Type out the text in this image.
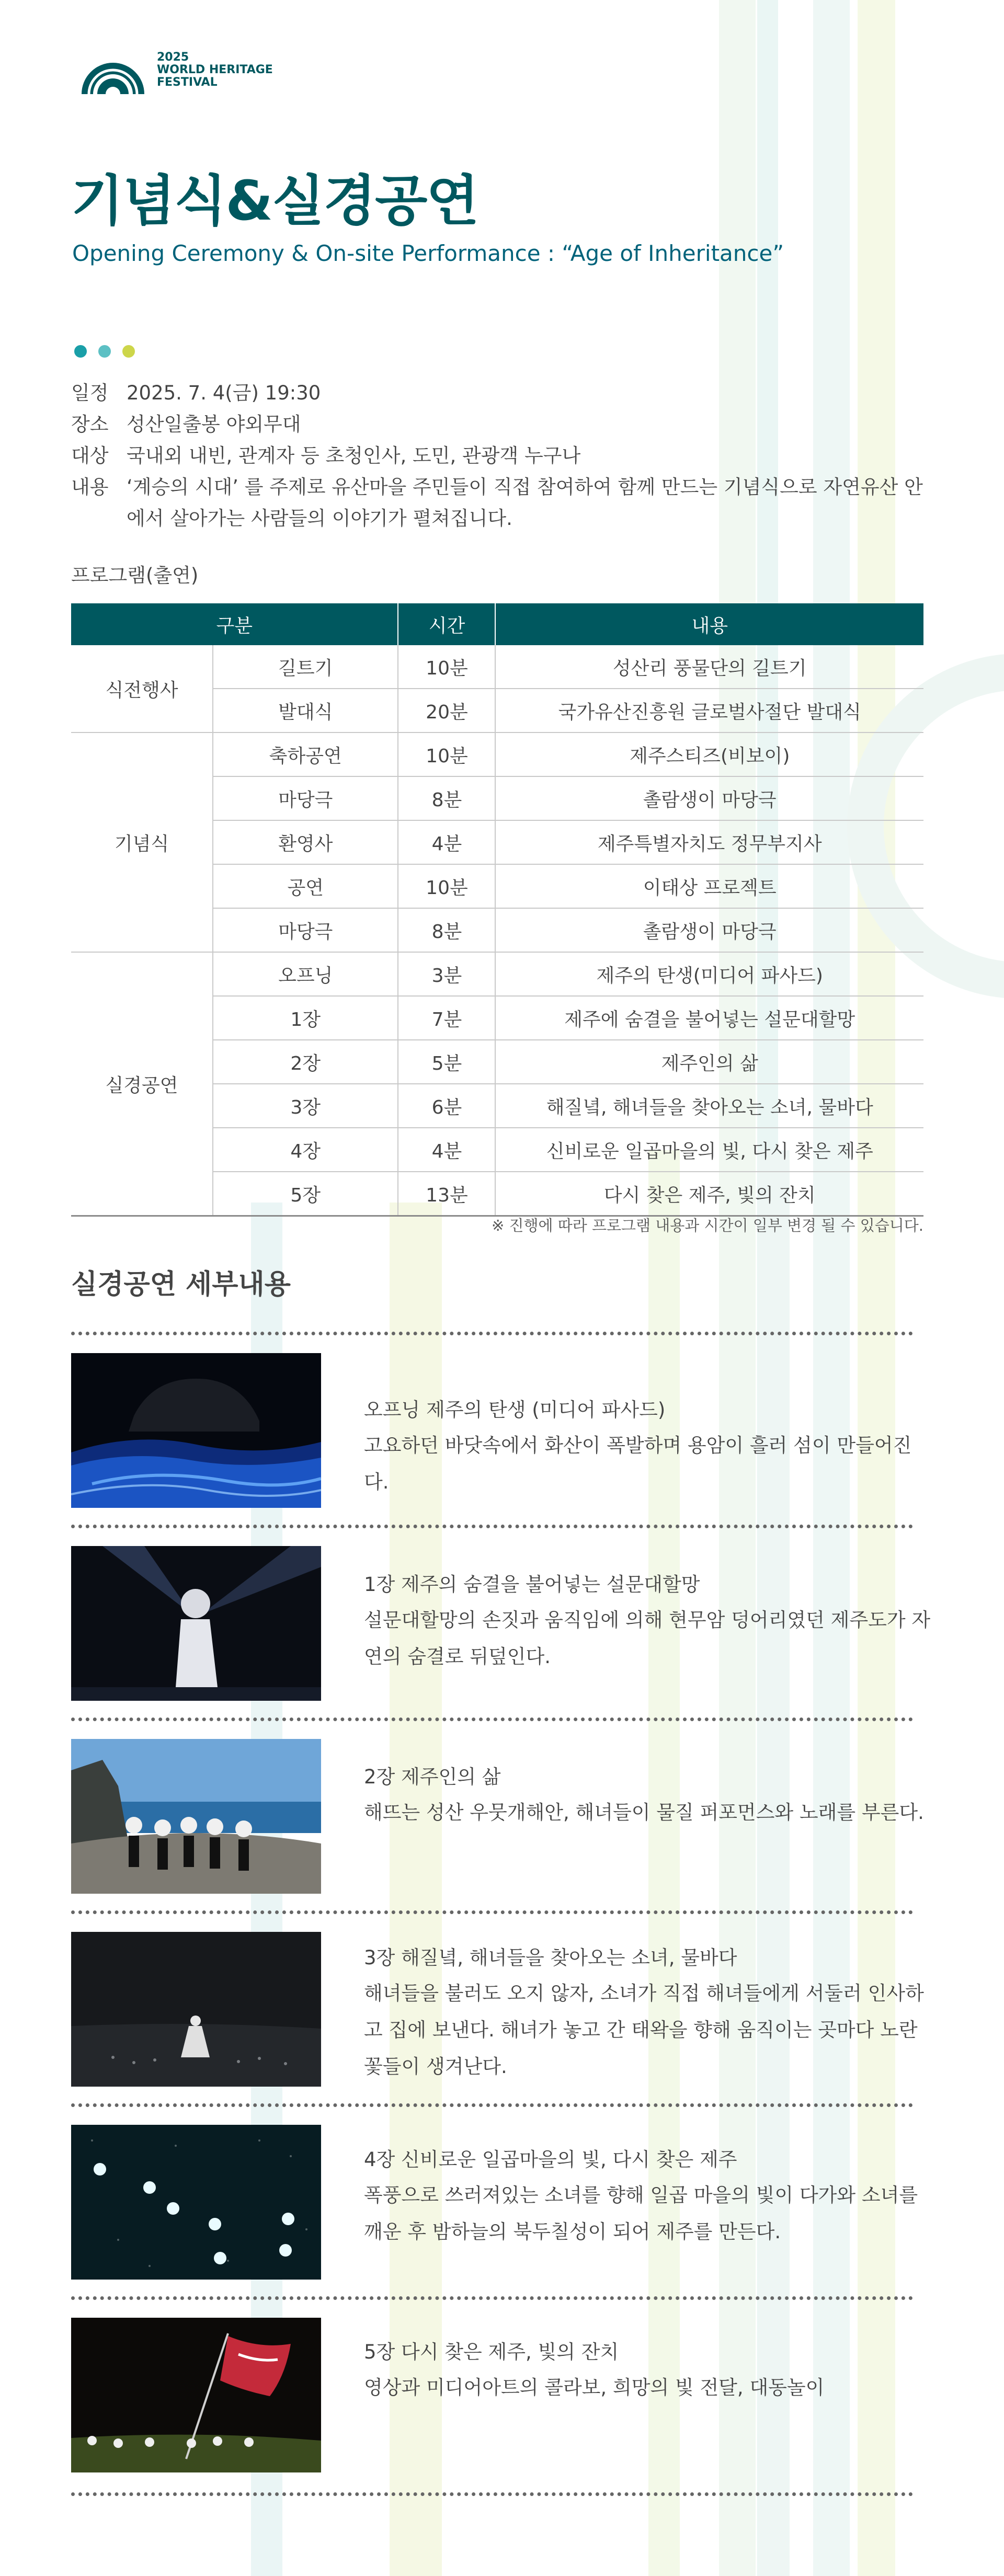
2025
WORLD HERITAGE
FESTIVAL
기념식&실경공연

Opening Ceremony & On-site Performance : “Age of Inheritance”

일정 2025. 7. 4(금) 19:30
장소 성산일출봉 야외무대
대상 국내외 내빈, 관계자 등 초청인사, 도민, 관광객 누구나
내용 ‘계승의 시대’ 를 주제로 유산마을 주민들이 직접 참여하여 함께 만드는 기념식으로 자연유산 안에서 살아가는 사람들의 이야기가 펼쳐집니다.
프로그램(출연)
구분		시간	내용
식전행사	길트기	10분	성산리 풍물단의 길트기
	발대식	20분	국가유산진흥원 글로벌사절단 발대식
기념식	축하공연	10분	제주스티즈(비보이)
	마당극	8분	촐람생이 마당극
	환영사	4분	제주특별자치도 정무부지사
	공연	10분	이태상 프로젝트
	마당극	8분	촐람생이 마당극
실경공연	오프닝	3분	제주의 탄생(미디어 파사드)
	1장	7분	제주에 숨결을 불어넣는 설문대할망
	2장	5분	제주인의 삶
	3장	6분	해질녘, 해녀들을 찾아오는 소녀, 물바다
	4장	4분	신비로운 일곱마을의 빛, 다시 찾은 제주
	5장	13분	다시 찾은 제주, 빛의 잔치
※ 진행에 따라 프로그램 내용과 시간이 일부 변경 될 수 있습니다.
실경공연 세부내용
오프닝 제주의 탄생 (미디어 파사드)
고요하던 바닷속에서 화산이 폭발하며 용암이 흘러 섬이 만들어진다.
1장 제주의 숨결을 불어넣는 설문대할망
설문대할망의 손짓과 움직임에 의해 현무암 덩어리였던 제주도가 자연의 숨결로 뒤덮인다.
2장 제주인의 삶
해뜨는 성산 우뭇개해안, 해녀들이 물질 퍼포먼스와 노래를 부른다.
3장 해질녘, 해녀들을 찾아오는 소녀, 물바다
해녀들을 불러도 오지 않자, 소녀가 직접 해녀들에게 서둘러 인사하고 집에 보낸다. 해녀가 놓고 간 태왁을 향해 움직이는 곳마다 노란 꽃들이 생겨난다.
4장 신비로운 일곱마을의 빛, 다시 찾은 제주
폭풍으로 쓰러져있는 소녀를 향해 일곱 마을의 빛이 다가와 소녀를 깨운 후 밤하늘의 북두칠성이 되어 제주를 만든다.
5장 다시 찾은 제주, 빛의 잔치
영상과 미디어아트의 콜라보, 희망의 빛 전달, 대동놀이
